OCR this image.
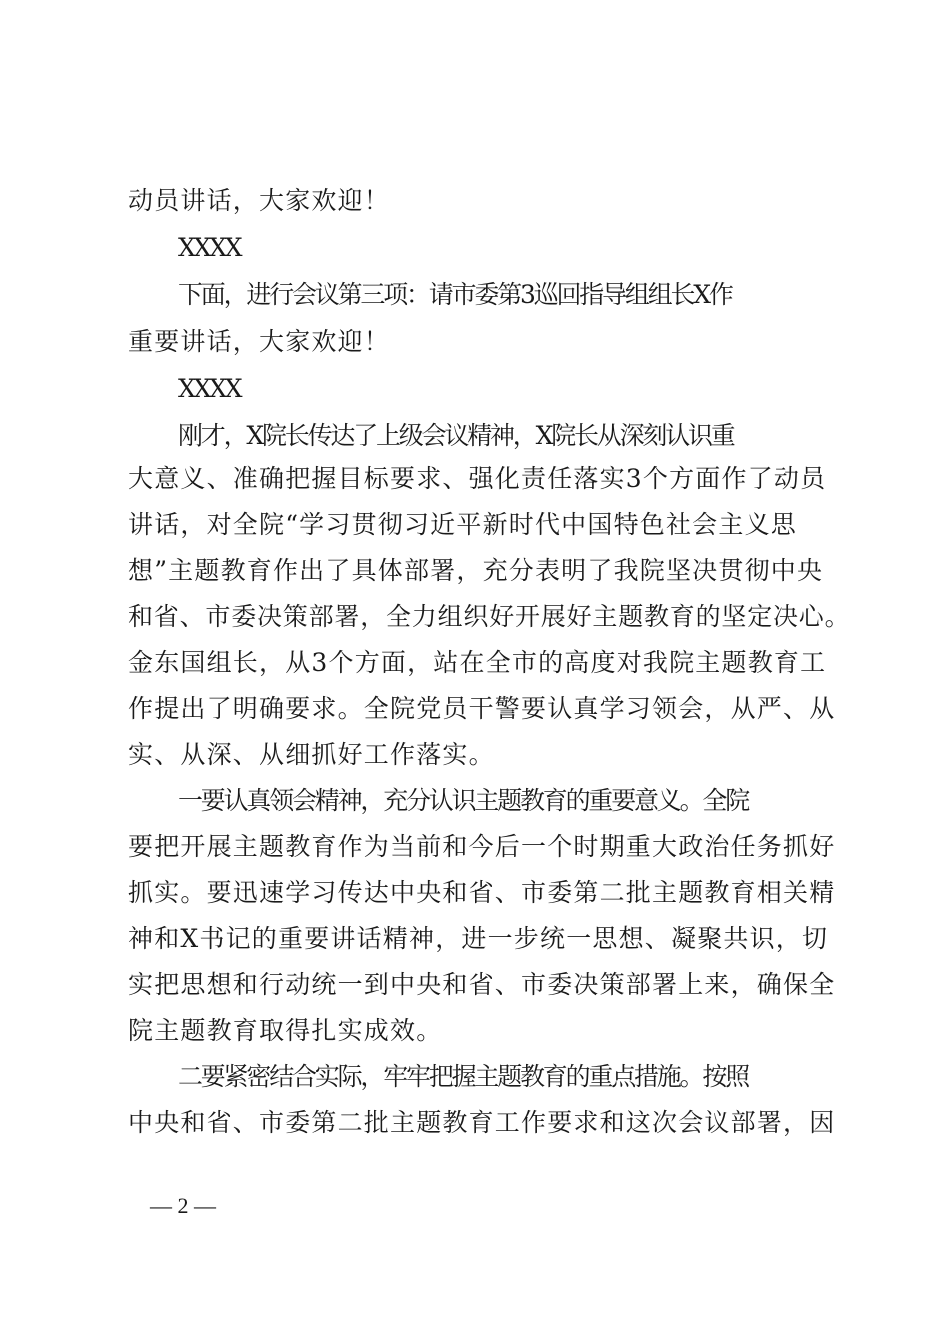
动员讲话，大家欢迎！
XXXX
下面，进行会议第三项：请市委第3巡回指导组组长X作
重要讲话，大家欢迎！
XXXX
刚才，X院长传达了上级会议精神，X院长从深刻认识重
大意义、准确把握目标要求、强化责任落实3个方面作了动员
讲话，对全院“学习贯彻习近平新时代中国特色社会主义思
想”主题教育作出了具体部署，充分表明了我院坚决贯彻中央
和省、市委决策部署，全力组织好开展好主题教育的坚定决心。
金东国组长，从3个方面，站在全市的高度对我院主题教育工
作提出了明确要求。全院党员干警要认真学习领会，从严、从
实、从深、从细抓好工作落实。
一要认真领会精神，充分认识主题教育的重要意义。全院
要把开展主题教育作为当前和今后一个时期重大政治任务抓好
抓实。要迅速学习传达中央和省、市委第二批主题教育相关精
神和X书记的重要讲话精神，进一步统一思想、凝聚共识，切
实把思想和行动统一到中央和省、市委决策部署上来，确保全
院主题教育取得扎实成效。
二要紧密结合实际，牢牢把握主题教育的重点措施。按照
中央和省、市委第二批主题教育工作要求和这次会议部署，因
— 2 —
